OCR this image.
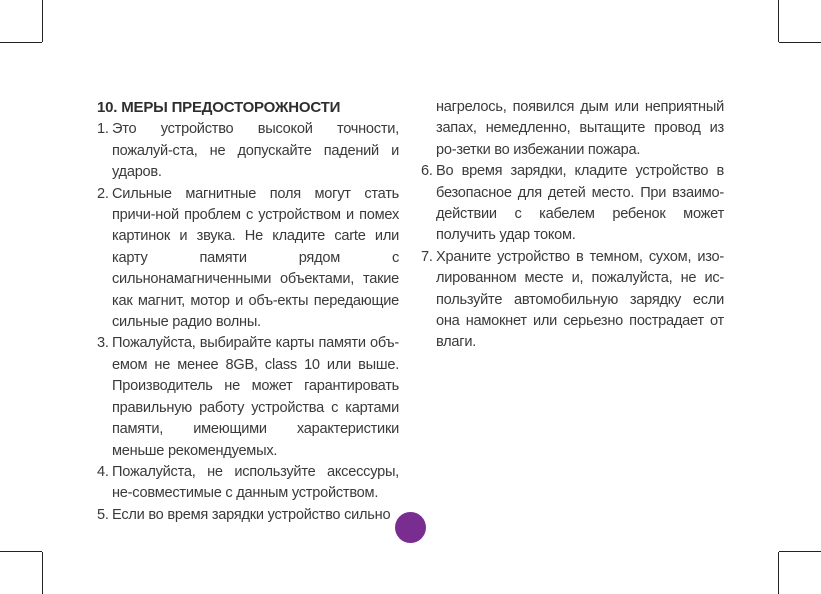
10. МЕРЫ ПРЕДОСТОРОЖНОСТИ
1. Это устройство высокой точности, пожалуй-ста, не допускайте падений и ударов.
2. Сильные магнитные поля могут стать причи-ной проблем с устройством и помех картинок и звука. Не кладите carte или карту памяти рядом с сильнонамагниченными объектами, такие как магнит, мотор и объ-екты передающие сильные радио волны.
3. Пожалуйста, выбирайте карты памяти объ-емом не менее 8GB, class 10 или выше. Производитель не может гарантировать правильную работу устройства с картами памяти, имеющими характеристики меньше рекомендуемых.
4. Пожалуйста, не используйте аксессуры, не-совместимые с данным устройством.
5. Если во время зарядки устройство сильно
нагрелось, появился дым или неприятный запах, немедленно, вытащите провод из ро-зетки во избежании пожара.
6. Во время зарядки, кладите устройство в безопасное для детей место. При взаимо-действии с кабелем ребенок может получить удар током.
7. Храните устройство в темном, сухом, изо-лированном месте и, пожалуйста, не ис-пользуйте автомобильную зарядку если она намокнет или серьезно пострадает от влаги.
